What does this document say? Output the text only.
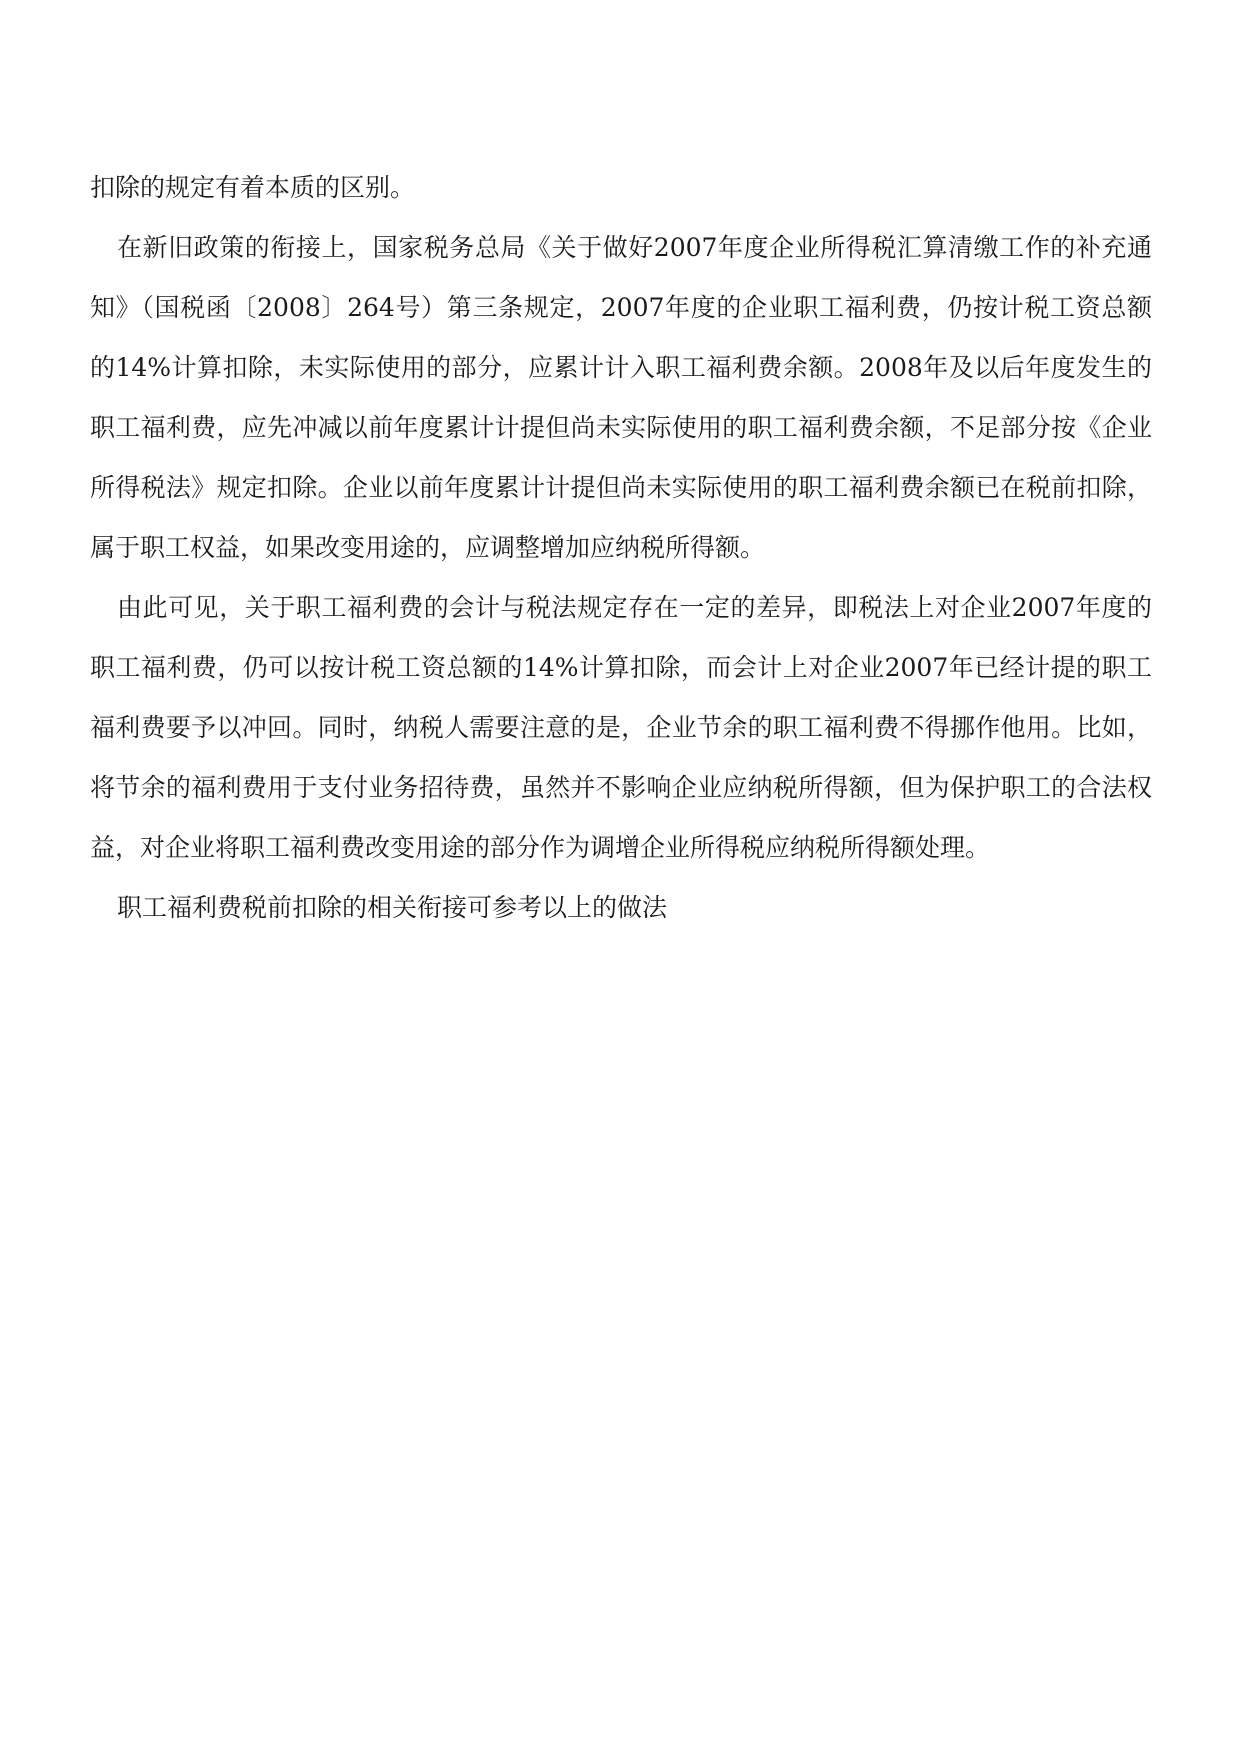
扣除的规定有着本质的区别。

在新旧政策的衔接上，国家税务总局《关于做好2007年度企业所得税汇算清缴工作的补充通知》（国税函〔2008〕264号）第三条规定，2007年度的企业职工福利费，仍按计税工资总额的14%计算扣除，未实际使用的部分，应累计计入职工福利费余额。2008年及以后年度发生的职工福利费，应先冲减以前年度累计计提但尚未实际使用的职工福利费余额，不足部分按《企业所得税法》规定扣除。企业以前年度累计计提但尚未实际使用的职工福利费余额已在税前扣除，属于职工权益，如果改变用途的，应调整增加应纳税所得额。

由此可见，关于职工福利费的会计与税法规定存在一定的差异，即税法上对企业2007年度的职工福利费，仍可以按计税工资总额的14%计算扣除，而会计上对企业2007年已经计提的职工福利费要予以冲回。同时，纳税人需要注意的是，企业节余的职工福利费不得挪作他用。比如，将节余的福利费用于支付业务招待费，虽然并不影响企业应纳税所得额，但为保护职工的合法权益，对企业将职工福利费改变用途的部分作为调增企业所得税应纳税所得额处理。

职工福利费税前扣除的相关衔接可参考以上的做法
